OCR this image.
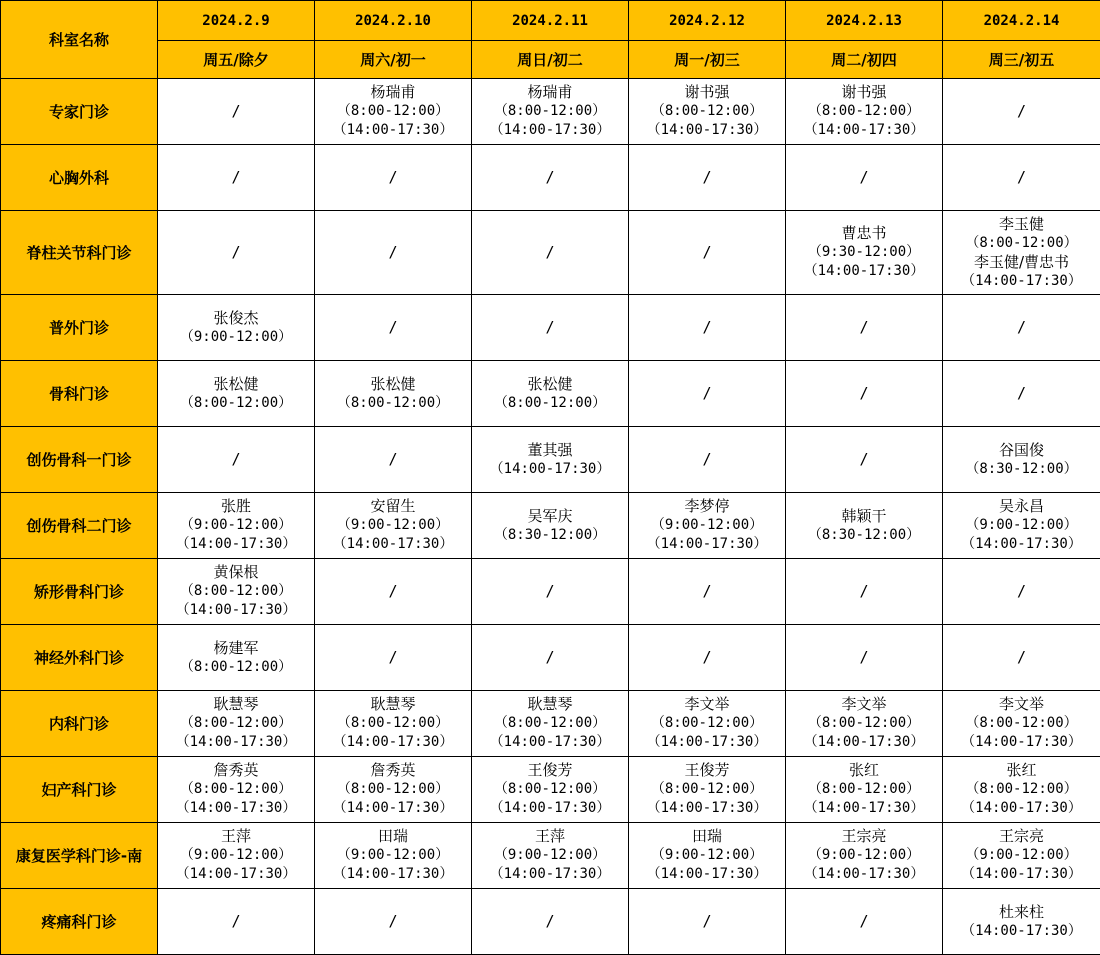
科室名称	2024.2.9	2024.2.10	2024.2.11	2024.2.12	2024.2.13	2024.2.14
	周五/除夕	周六/初一	周日/初二	周一/初三	周二/初四	周三/初五
专家门诊	/	杨瑞甫
（8:00-12:00）
（14:00-17:30）	杨瑞甫
（8:00-12:00）
（14:00-17:30）	谢书强
（8:00-12:00）
（14:00-17:30）	谢书强
（8:00-12:00）
（14:00-17:30）	/

心胸外科	/	/	/	/	/	/

脊柱关节科门诊	/	/	/	/	曹忠书
（9:30-12:00）
（14:00-17:30）	李玉健
（8:00-12:00）
李玉健/曹忠书
（14:00-17:30）

普外门诊	张俊杰
（9:00-12:00）	/	/	/	/	/

骨科门诊	张松健
（8:00-12:00）	张松健
（8:00-12:00）	张松健
（8:00-12:00）	/	/	/

创伤骨科一门诊	/	/	董其强
（14:00-17:30）	/	/	谷国俊
（8:30-12:00）

创伤骨科二门诊	张胜
（9:00-12:00）
（14:00-17:30）	安留生
（9:00-12:00）
（14:00-17:30）	吴军庆
（8:30-12:00）	李梦停
（9:00-12:00）
（14:00-17:30）	韩颖干
（8:30-12:00）	吴永昌
（9:00-12:00）
（14:00-17:30）

矫形骨科门诊	黄保根
（8:00-12:00）
（14:00-17:30）	/	/	/	/	/

神经外科门诊	杨建军
（8:00-12:00）	/	/	/	/	/

内科门诊	耿慧琴
（8:00-12:00）
（14:00-17:30）	耿慧琴
（8:00-12:00）
（14:00-17:30）	耿慧琴
（8:00-12:00）
（14:00-17:30）	李文举
（8:00-12:00）
（14:00-17:30）	李文举
（8:00-12:00）
（14:00-17:30）	李文举
（8:00-12:00）
（14:00-17:30）

妇产科门诊	詹秀英
（8:00-12:00）
（14:00-17:30）	詹秀英
（8:00-12:00）
（14:00-17:30）	王俊芳
（8:00-12:00）
（14:00-17:30）	王俊芳
（8:00-12:00）
（14:00-17:30）	张红
（8:00-12:00）
（14:00-17:30）	张红
（8:00-12:00）
（14:00-17:30）

康复医学科门诊-南	王萍
（9:00-12:00）
（14:00-17:30）	田瑞
（9:00-12:00）
（14:00-17:30）	王萍
（9:00-12:00）
（14:00-17:30）	田瑞
（9:00-12:00）
（14:00-17:30）	王宗亮
（9:00-12:00）
（14:00-17:30）	王宗亮
（9:00-12:00）
（14:00-17:30）

疼痛科门诊	/	/	/	/	/	杜来柱
（14:00-17:30）
